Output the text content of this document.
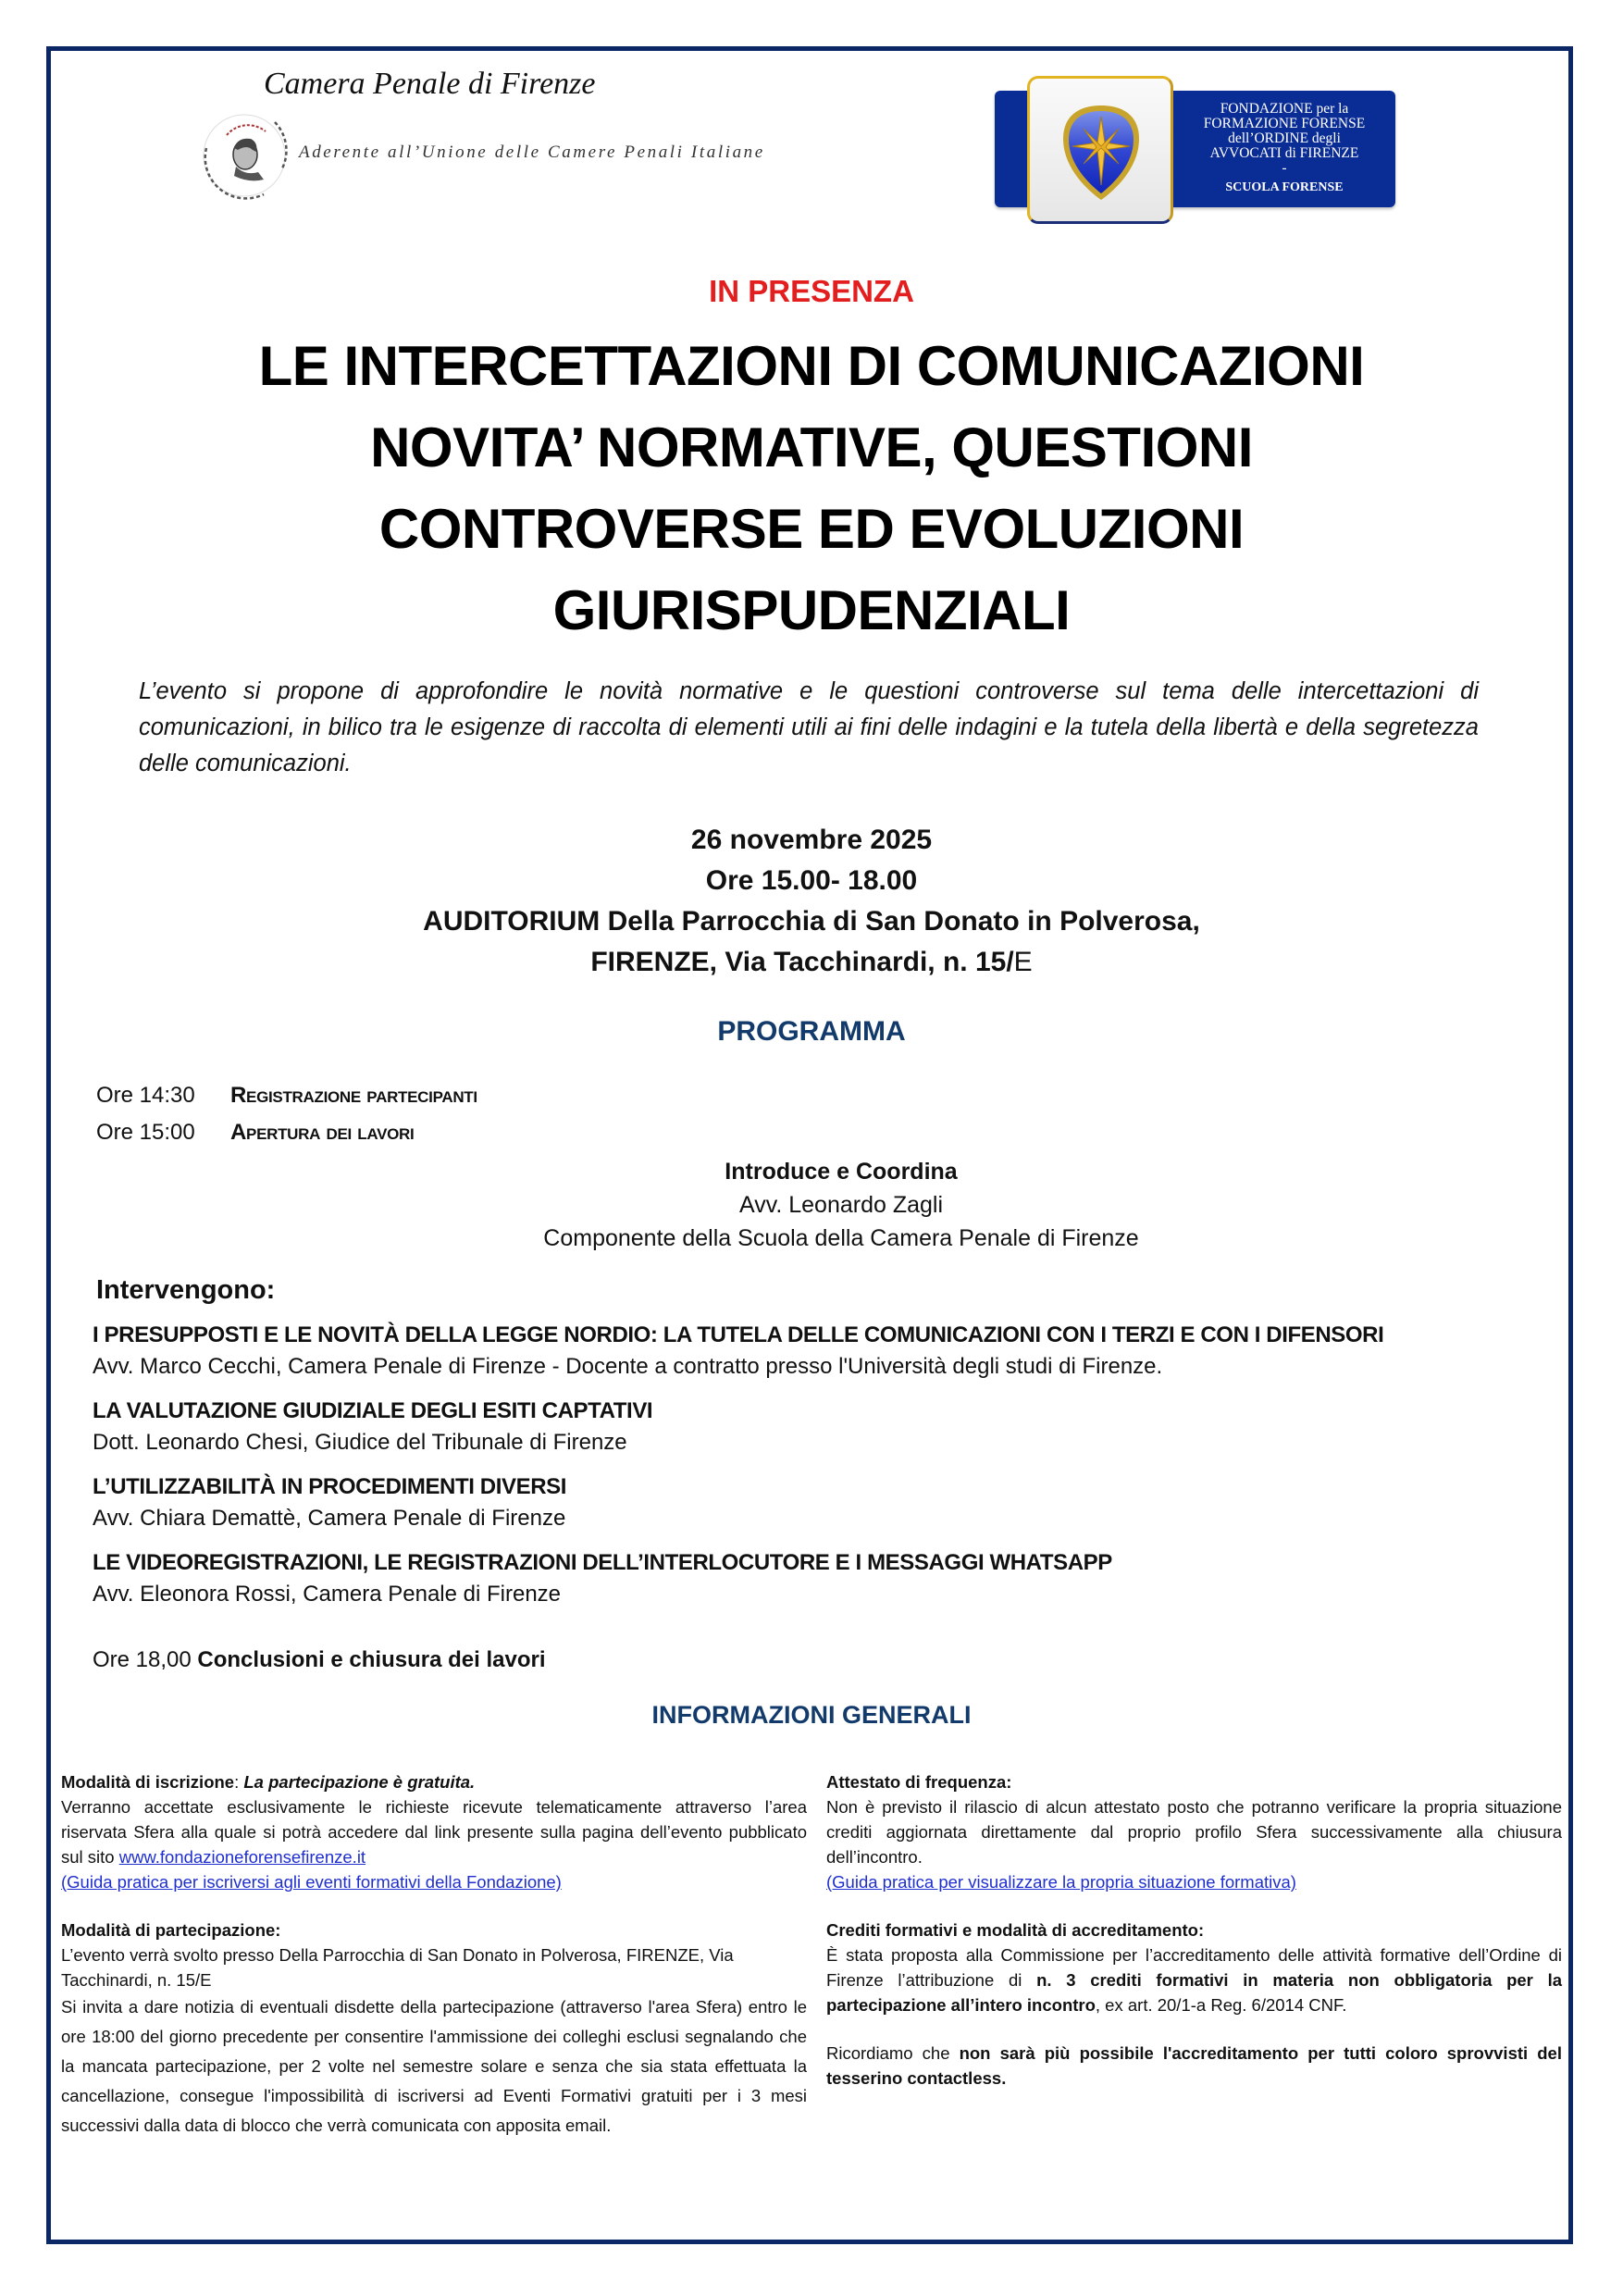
Camera Penale di Firenze
Aderente all’Unione delle Camere Penali Italiane
FONDAZIONE per la
FORMAZIONE FORENSE
dell’ORDINE degli
AVVOCATI di FIRENZE
-
SCUOLA FORENSE
IN PRESENZA
LE INTERCETTAZIONI DI COMUNICAZIONI
NOVITA’ NORMATIVE, QUESTIONI
CONTROVERSE ED EVOLUZIONI
GIURISPUDENZIALI
L’evento si propone di approfondire le novità normative e le questioni controverse sul tema delle intercettazioni di comunicazioni, in bilico tra le esigenze di raccolta di elementi utili ai fini delle indagini e la tutela della libertà e della segretezza delle comunicazioni.
26 novembre 2025
Ore 15.00- 18.00
AUDITORIUM Della Parrocchia di San Donato in Polverosa,
FIRENZE, Via Tacchinardi, n. 15/E
PROGRAMMA
Ore 14:30 Registrazione partecipanti
Ore 15:00 Apertura dei lavori
Introduce e Coordina
Avv. Leonardo Zagli
Componente della Scuola della Camera Penale di Firenze
Intervengono:
I PRESUPPOSTI E LE NOVITÀ DELLA LEGGE NORDIO: LA TUTELA DELLE COMUNICAZIONI CON I TERZI E CON I DIFENSORI
Avv. Marco Cecchi, Camera Penale di Firenze - Docente a contratto presso l'Università degli studi di Firenze.
LA VALUTAZIONE GIUDIZIALE DEGLI ESITI CAPTATIVI
Dott. Leonardo Chesi, Giudice del Tribunale di Firenze
L’UTILIZZABILITÀ IN PROCEDIMENTI DIVERSI
Avv. Chiara Demattè, Camera Penale di Firenze
LE VIDEOREGISTRAZIONI, LE REGISTRAZIONI DELL’INTERLOCUTORE E I MESSAGGI WHATSAPP
Avv. Eleonora Rossi, Camera Penale di Firenze
Ore 18,00 Conclusioni e chiusura dei lavori
INFORMAZIONI GENERALI
Modalità di iscrizione: La partecipazione è gratuita.
Verranno accettate esclusivamente le richieste ricevute telematicamente attraverso l’area riservata Sfera alla quale si potrà accedere dal link presente sulla pagina dell’evento pubblicato sul sito www.fondazioneforensefirenze.it
(Guida pratica per iscriversi agli eventi formativi della Fondazione)
Modalità di partecipazione:
L’evento verrà svolto presso Della Parrocchia di San Donato in Polverosa, FIRENZE, Via Tacchinardi, n. 15/E
Si invita a dare notizia di eventuali disdette della partecipazione (attraverso l'area Sfera) entro le ore 18:00 del giorno precedente per consentire l'ammissione dei colleghi esclusi segnalando che la mancata partecipazione, per 2 volte nel semestre solare e senza che sia stata effettuata la cancellazione, consegue l'impossibilità di iscriversi ad Eventi Formativi gratuiti per i 3 mesi successivi dalla data di blocco che verrà comunicata con apposita email.
Attestato di frequenza:
Non è previsto il rilascio di alcun attestato posto che potranno verificare la propria situazione crediti aggiornata direttamente dal proprio profilo Sfera successivamente alla chiusura dell’incontro.
(Guida pratica per visualizzare la propria situazione formativa)
Crediti formativi e modalità di accreditamento:
È stata proposta alla Commissione per l’accreditamento delle attività formative dell’Ordine di Firenze l’attribuzione di n. 3 crediti formativi in materia non obbligatoria per la partecipazione all’intero incontro, ex art. 20/1-a Reg. 6/2014 CNF.
Ricordiamo che non sarà più possibile l'accreditamento per tutti coloro sprovvisti del tesserino contactless.
